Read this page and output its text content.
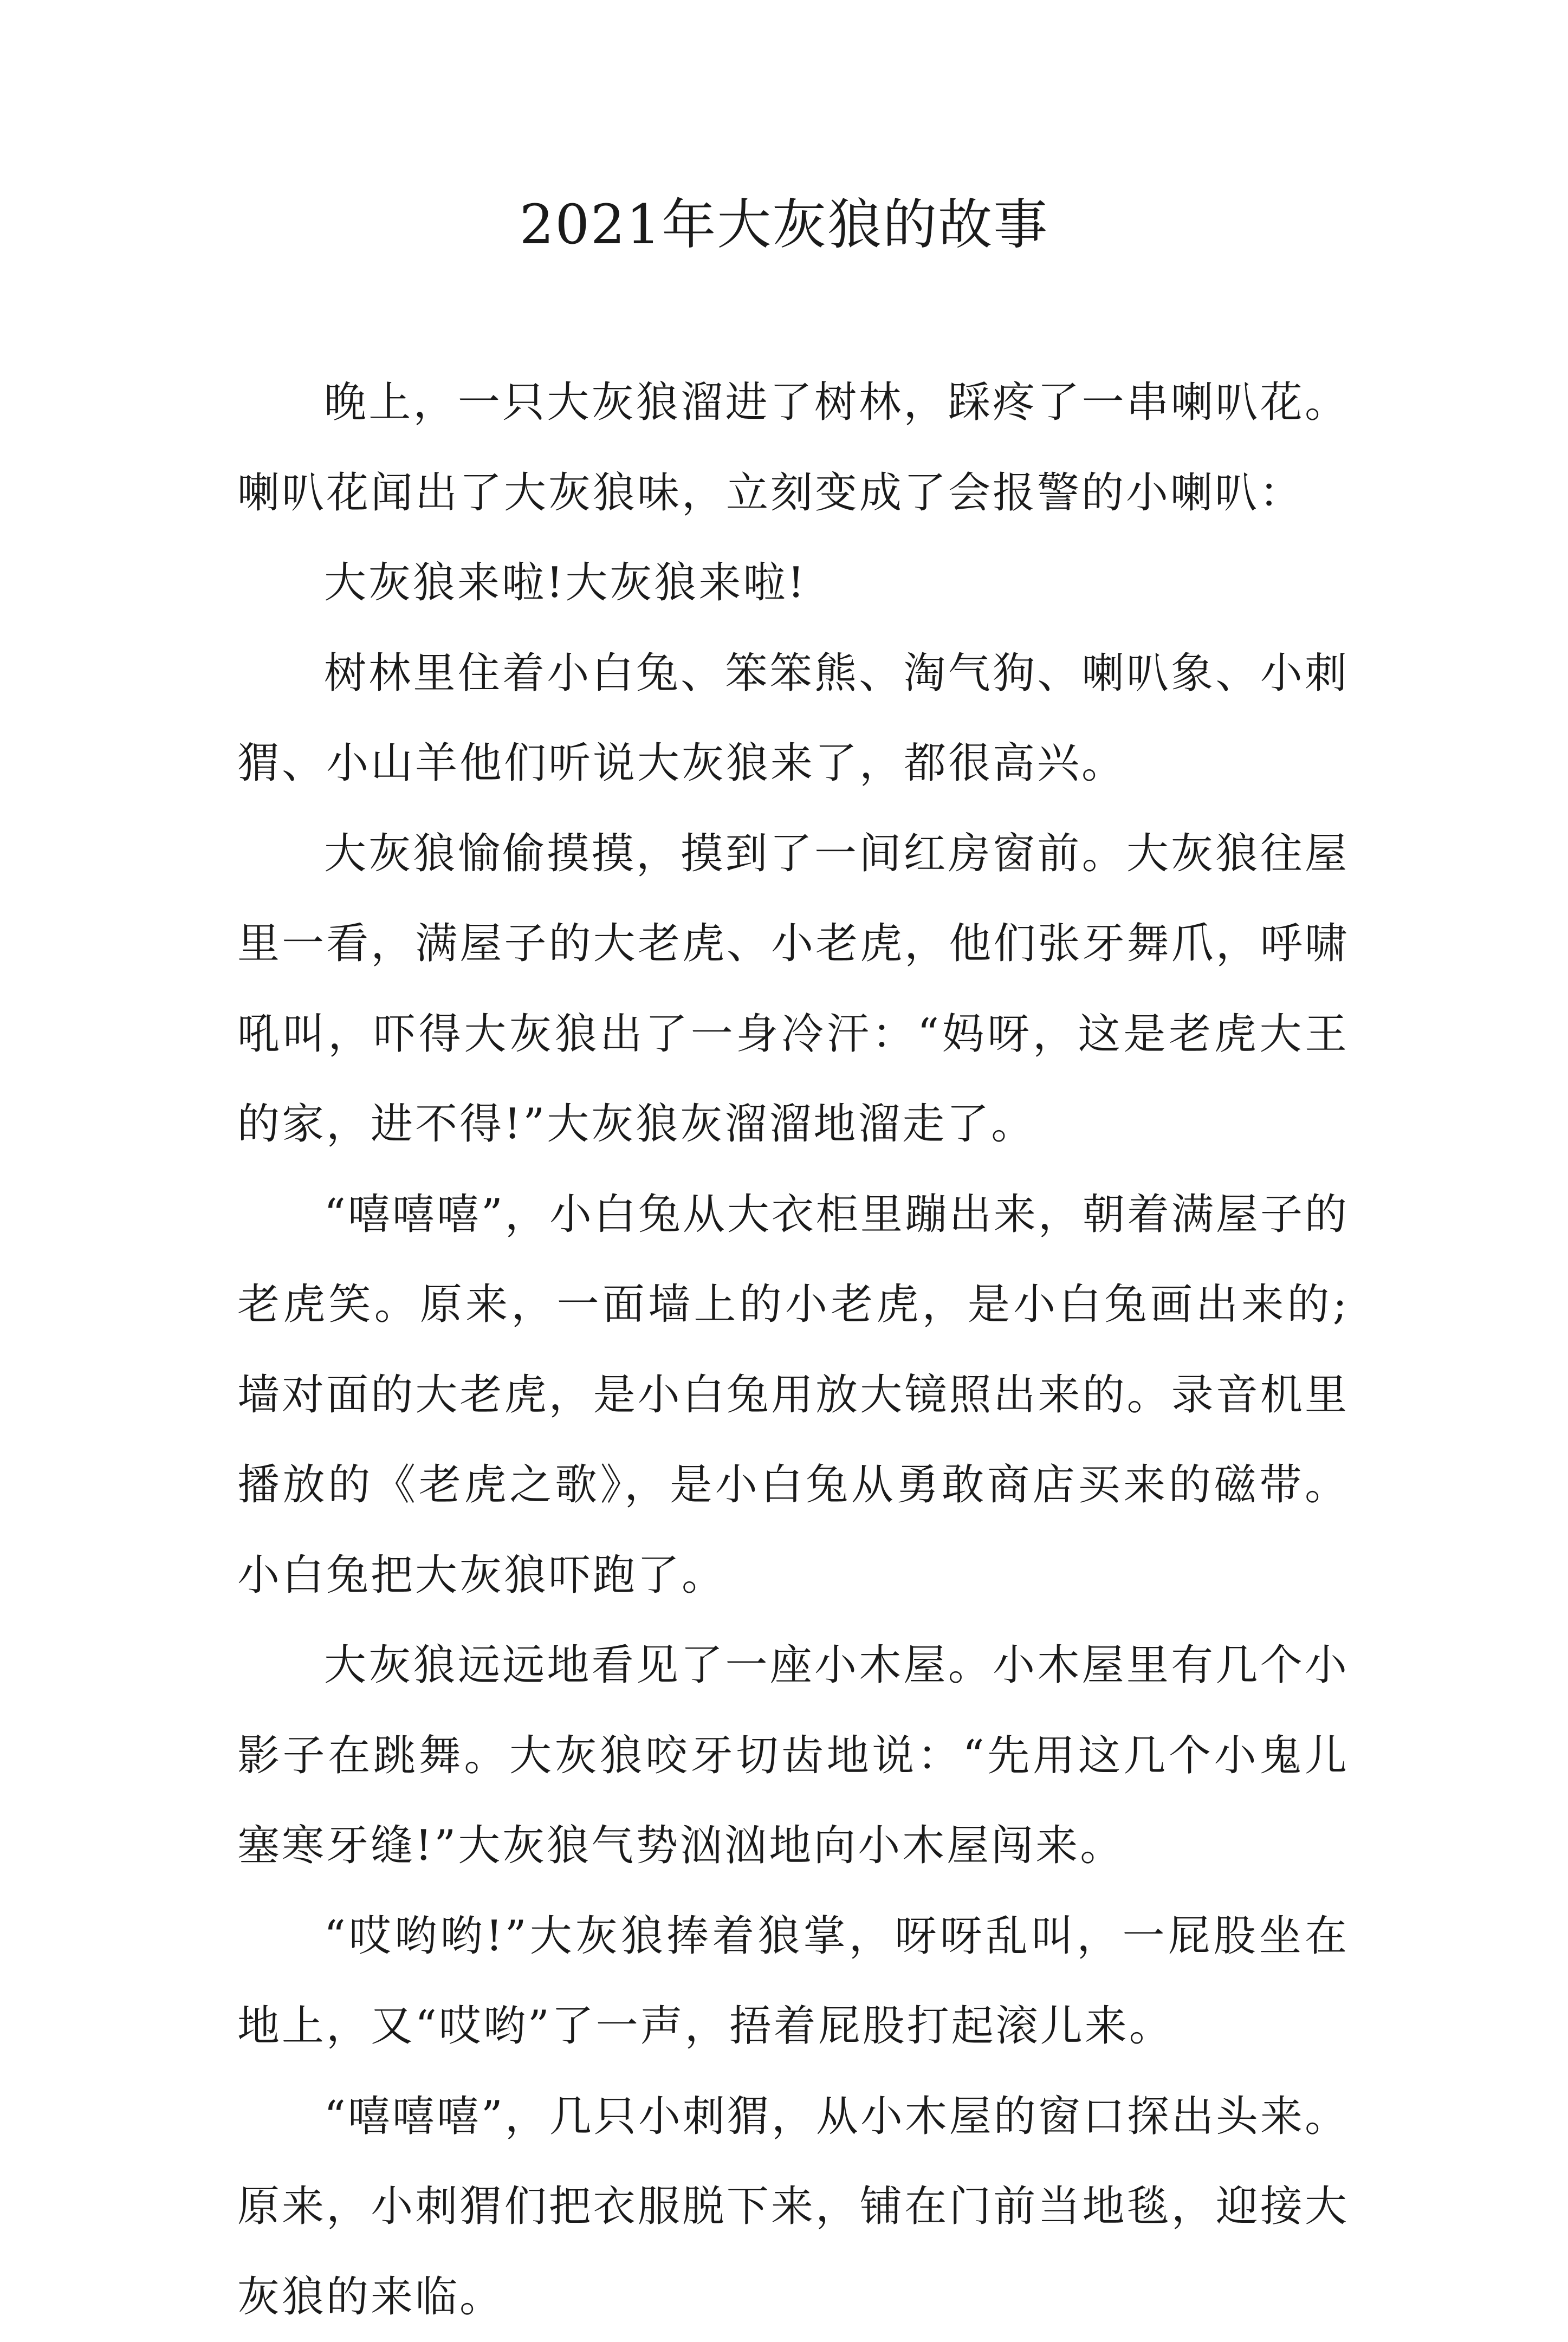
2021年大灰狼的故事

晚上，一只大灰狼溜进了树林，踩疼了一串喇叭花。喇叭花闻出了大灰狼味，立刻变成了会报警的小喇叭：

大灰狼来啦!大灰狼来啦!

树林里住着小白兔、笨笨熊、淘气狗、喇叭象、小刺猬、小山羊他们听说大灰狼来了，都很高兴。

大灰狼愉偷摸摸，摸到了一间红房窗前。大灰狼往屋里一看，满屋子的大老虎、小老虎，他们张牙舞爪，呼啸吼叫，吓得大灰狼出了一身冷汗：“妈呀，这是老虎大王的家，进不得!”大灰狼灰溜溜地溜走了。

“嘻嘻嘻”，小白兔从大衣柜里蹦出来，朝着满屋子的老虎笑。原来，一面墙上的小老虎，是小白兔画出来的;墙对面的大老虎，是小白兔用放大镜照出来的。录音机里播放的《老虎之歌》，是小白兔从勇敢商店买来的磁带。小白兔把大灰狼吓跑了。

大灰狼远远地看见了一座小木屋。小木屋里有几个小影子在跳舞。大灰狼咬牙切齿地说：“先用这几个小鬼儿塞寒牙缝!”大灰狼气势汹汹地向小木屋闯来。

“哎哟哟!”大灰狼捧着狼掌，呀呀乱叫，一屁股坐在地上，又“哎哟”了一声，捂着屁股打起滚儿来。

“嘻嘻嘻”，几只小刺猬，从小木屋的窗口探出头来。原来，小刺猬们把衣服脱下来，铺在门前当地毯，迎接大灰狼的来临。
